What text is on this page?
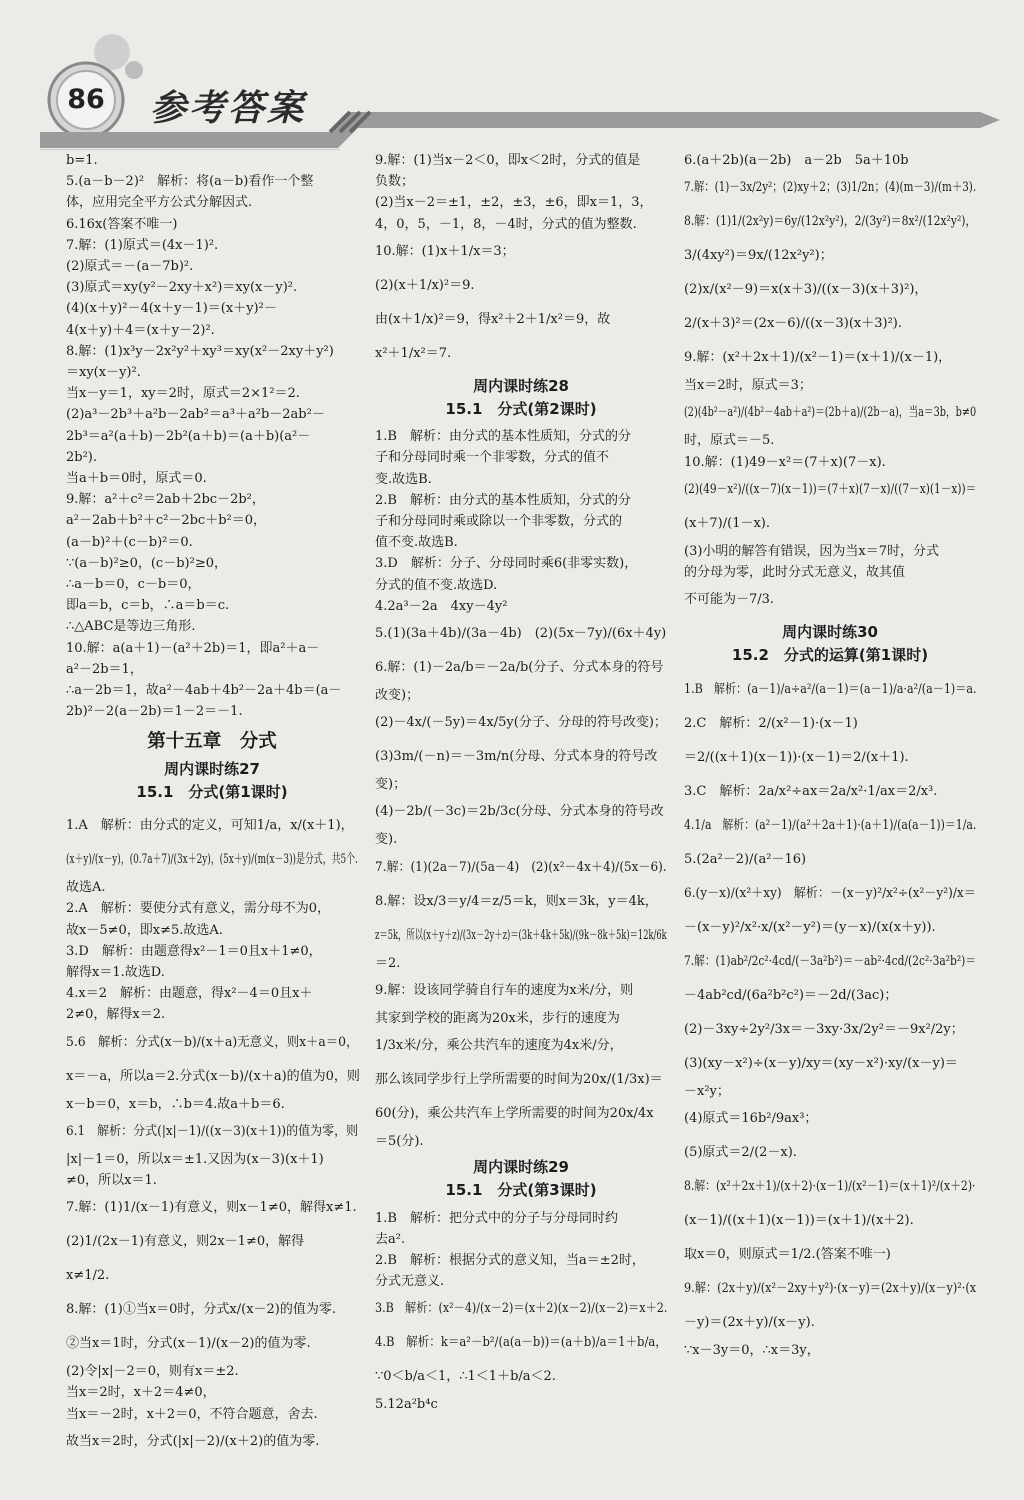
86	参考答案
b=1.
5.(a－b－2)²　解析：将(a－b)看作一个整
体，应用完全平方公式分解因式.
6.16x(答案不唯一)
7.解：(1)原式＝(4x－1)².
(2)原式＝－(a－7b)².
(3)原式＝xy(y²－2xy＋x²)＝xy(x－y)².
(4)(x＋y)²－4(x＋y－1)＝(x＋y)²－
4(x＋y)＋4＝(x＋y－2)².
8.解：(1)x³y－2x²y²＋xy³＝xy(x²－2xy＋y²)
＝xy(x－y)².
当x－y＝1，xy＝2时，原式＝2×1²＝2.
(2)a³－2b³＋a²b－2ab²＝a³＋a²b－2ab²－
2b³＝a²(a＋b)－2b²(a＋b)＝(a＋b)(a²－
2b²).
当a＋b＝0时，原式＝0.
9.解：a²＋c²＝2ab＋2bc－2b²，
a²－2ab＋b²＋c²－2bc＋b²＝0，
(a－b)²＋(c－b)²＝0.
∵(a－b)²≥0，(c－b)²≥0，
∴a－b＝0，c－b＝0，
即a＝b，c＝b，∴a＝b＝c.
∴△ABC是等边三角形.
10.解：a(a＋1)－(a²＋2b)＝1，即a²＋a－
a²－2b＝1，
∴a－2b＝1，故a²－4ab＋4b²－2a＋4b＝(a－
2b)²－2(a－2b)＝1－2＝－1.
第十五章　分式
周内课时练27
15.1　分式(第1课时)
1.A　解析：由分式的定义，可知1/a，x/(x＋1)，
(x＋y)/(x－y)，(0.7a＋7)/(3x＋2y)，(5x＋y)/(m(x－3))是分式，共5个.
故选A.
2.A　解析：要使分式有意义，需分母不为0，
故x－5≠0，即x≠5.故选A.
3.D　解析：由题意得x²－1＝0且x＋1≠0，
解得x＝1.故选D.
4.x＝2　解析：由题意，得x²－4＝0且x＋
2≠0，解得x＝2.
5.6　解析：分式(x－b)/(x＋a)无意义，则x＋a＝0，
x＝－a，所以a＝2.分式(x－b)/(x＋a)的值为0，则
x－b＝0，x＝b，∴b＝4.故a＋b＝6.
6.1　解析：分式(|x|－1)/((x－3)(x＋1))的值为零，则
|x|－1＝0，所以x＝±1.又因为(x－3)(x＋1)
≠0，所以x＝1.
7.解：(1)1/(x－1)有意义，则x－1≠0，解得x≠1.
(2)1/(2x－1)有意义，则2x－1≠0，解得
x≠1/2.
8.解：(1)①当x＝0时，分式x/(x－2)的值为零.
②当x＝1时，分式(x－1)/(x－2)的值为零.
(2)令|x|－2＝0，则有x＝±2.
当x＝2时，x＋2＝4≠0，
当x＝－2时，x＋2＝0，不符合题意，舍去.
故当x＝2时，分式(|x|－2)/(x＋2)的值为零.
9.解：(1)当x－2＜0，即x＜2时，分式的值是
负数；
(2)当x－2＝±1，±2，±3，±6，即x＝1，3，
4，0，5，－1，8，－4时，分式的值为整数.
10.解：(1)x＋1/x＝3；
(2)(x＋1/x)²＝9.
由(x＋1/x)²＝9，得x²＋2＋1/x²＝9，故
x²＋1/x²＝7.
周内课时练28
15.1　分式(第2课时)
1.B　解析：由分式的基本性质知，分式的分
子和分母同时乘一个非零数，分式的值不
变.故选B.
2.B　解析：由分式的基本性质知，分式的分
子和分母同时乘或除以一个非零数，分式的
值不变.故选B.
3.D　解析：分子、分母同时乘6(非零实数)，
分式的值不变.故选D.
4.2a³－2a　4xy－4y²
5.(1)(3a＋4b)/(3a－4b)　(2)(5x－7y)/(6x＋4y)
6.解：(1)－2a/b＝－2a/b(分子、分式本身的符号
改变)；
(2)－4x/(－5y)＝4x/5y(分子、分母的符号改变)；
(3)3m/(－n)＝－3m/n(分母、分式本身的符号改
变)；
(4)－2b/(－3c)＝2b/3c(分母、分式本身的符号改
变).
7.解：(1)(2a－7)/(5a－4)　(2)(x²－4x＋4)/(5x－6).
8.解：设x/3＝y/4＝z/5＝k，则x＝3k，y＝4k，
z＝5k，所以(x＋y＋z)/(3x－2y＋z)＝(3k＋4k＋5k)/(9k－8k＋5k)＝12k/6k
＝2.
9.解：设该同学骑自行车的速度为x米/分，则
其家到学校的距离为20x米，步行的速度为
1/3x米/分，乘公共汽车的速度为4x米/分，
那么该同学步行上学所需要的时间为20x/(1/3x)＝
60(分)，乘公共汽车上学所需要的时间为20x/4x
＝5(分).
周内课时练29
15.1　分式(第3课时)
1.B　解析：把分式中的分子与分母同时约
去a².
2.B　解析：根据分式的意义知，当a＝±2时，
分式无意义.
3.B　解析：(x²－4)/(x－2)＝(x＋2)(x－2)/(x－2)＝x＋2.
4.B　解析：k＝a²－b²/(a(a－b))＝(a＋b)/a＝1＋b/a，
∵0＜b/a＜1，∴1＜1＋b/a＜2.
5.12a²b⁴c
6.(a＋2b)(a－2b)　a－2b　5a＋10b
7.解：(1)－3x/2y²；(2)xy＋2；(3)1/2n；(4)(m－3)/(m＋3).
8.解：(1)1/(2x²y)＝6y/(12x²y²)，2/(3y²)＝8x²/(12x²y²)，
3/(4xy²)＝9x/(12x²y²)；
(2)x/(x²－9)＝x(x＋3)/((x－3)(x＋3)²)，
2/(x＋3)²＝(2x－6)/((x－3)(x＋3)²).
9.解：(x²＋2x＋1)/(x²－1)＝(x＋1)/(x－1)，
当x＝2时，原式＝3；
(2)(4b²－a²)/(4b²－4ab＋a²)＝(2b＋a)/(2b－a)，当a＝3b，b≠0
时，原式＝－5.
10.解：(1)49－x²＝(7＋x)(7－x).
(2)(49－x²)/((x－7)(x－1))＝(7＋x)(7－x)/((7－x)(1－x))＝
(x＋7)/(1－x).
(3)小明的解答有错误，因为当x＝7时，分式
的分母为零，此时分式无意义，故其值
不可能为－7/3.
周内课时练30
15.2　分式的运算(第1课时)
1.B　解析：(a－1)/a÷a²/(a－1)＝(a－1)/a·a²/(a－1)＝a.
2.C　解析：2/(x²－1)·(x－1)
＝2/((x＋1)(x－1))·(x－1)＝2/(x＋1).
3.C　解析：2a/x²÷ax＝2a/x²·1/ax＝2/x³.
4.1/a　解析：(a²－1)/(a²＋2a＋1)·(a＋1)/(a(a－1))＝1/a.
5.(2a²－2)/(a²－16)
6.(y－x)/(x²＋xy)　解析：－(x－y)²/x²÷(x²－y²)/x＝
－(x－y)²/x²·x/(x²－y²)＝(y－x)/(x(x＋y)).
7.解：(1)ab²/2c²·4cd/(－3a²b²)＝－ab²·4cd/(2c²·3a²b²)＝
－4ab²cd/(6a²b²c²)＝－2d/(3ac)；
(2)－3xy÷2y²/3x＝－3xy·3x/2y²＝－9x²/2y；
(3)(xy－x²)÷(x－y)/xy＝(xy－x²)·xy/(x－y)＝
－x²y；
(4)原式＝16b²/9ax³；
(5)原式＝2/(2－x).
8.解：(x²＋2x＋1)/(x＋2)·(x－1)/(x²－1)＝(x＋1)²/(x＋2)·
(x－1)/((x＋1)(x－1))＝(x＋1)/(x＋2).
取x＝0，则原式＝1/2.(答案不唯一)
9.解：(2x＋y)/(x²－2xy＋y²)·(x－y)＝(2x＋y)/(x－y)²·(x
－y)＝(2x＋y)/(x－y).
∵x－3y＝0，∴x＝3y，
